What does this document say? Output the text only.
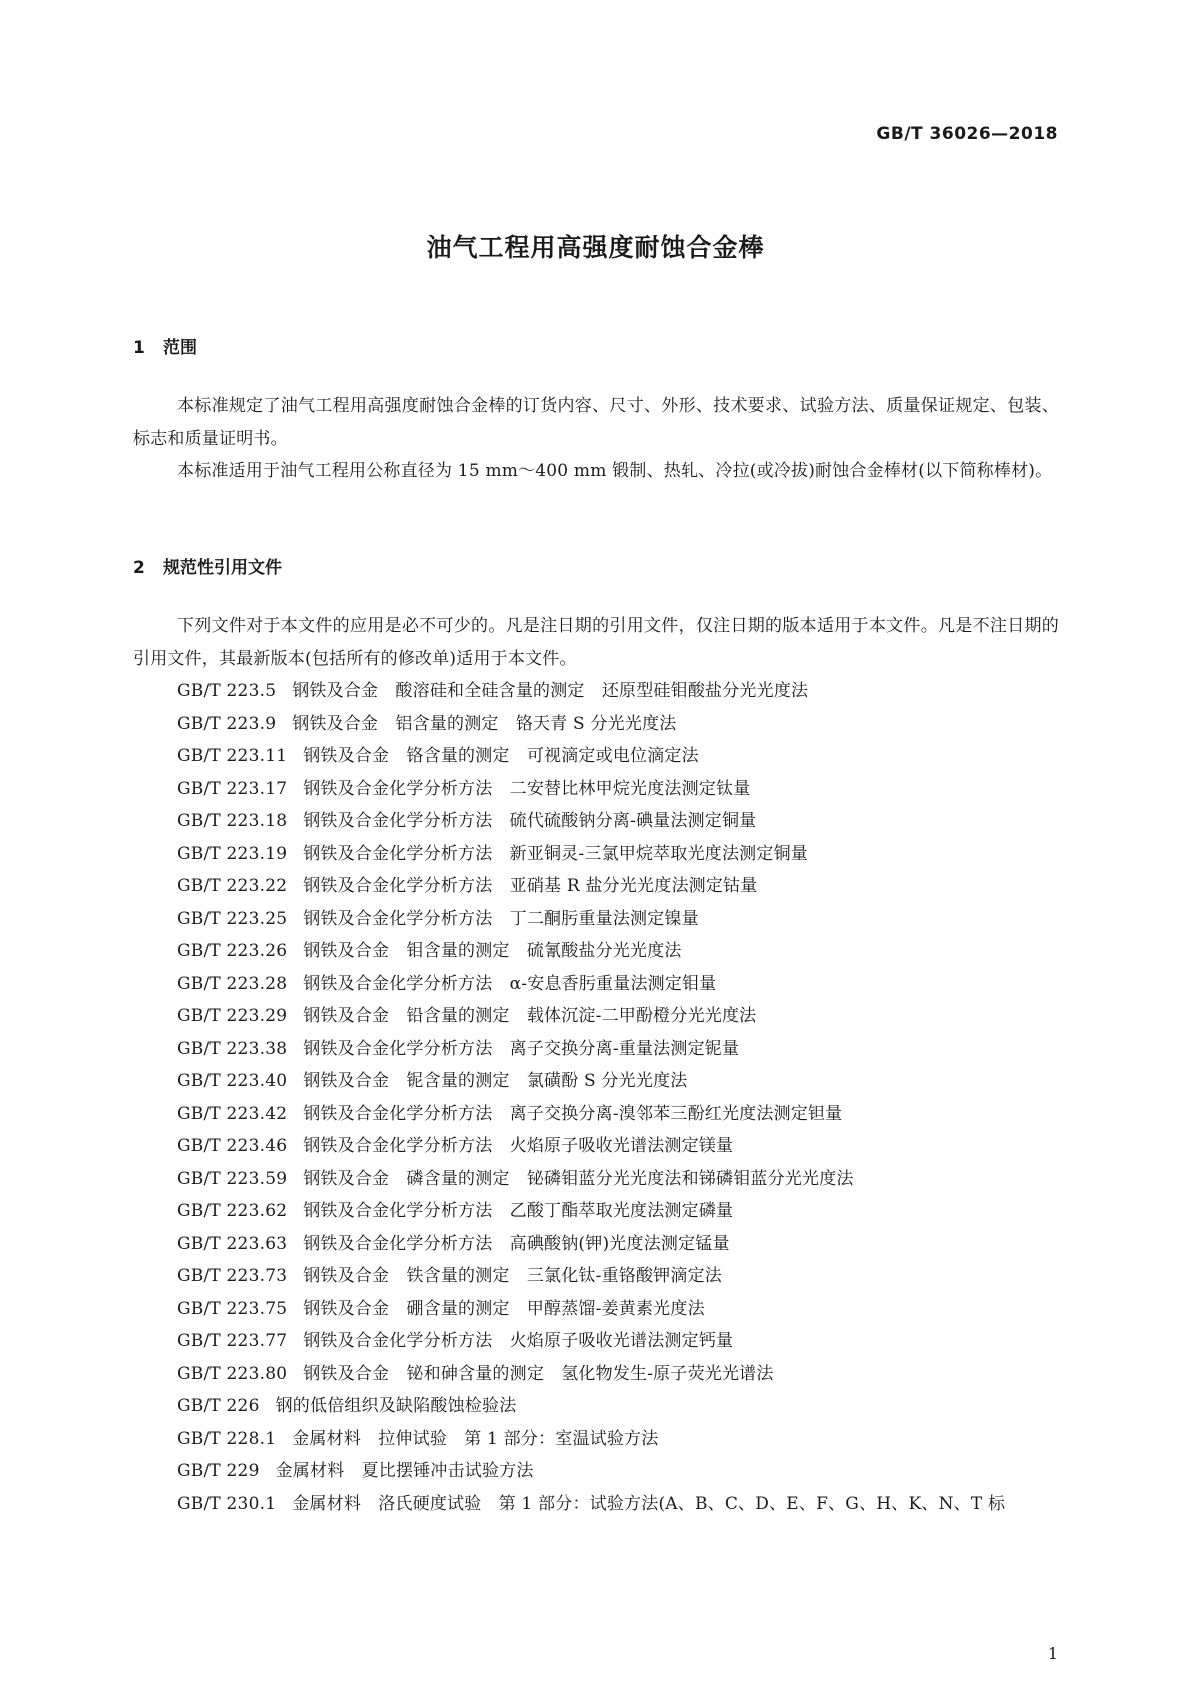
GB/T 36026—2018
油气工程用高强度耐蚀合金棒
1 范围

本标准规定了油气工程用高强度耐蚀合金棒的订货内容、尺寸、外形、技术要求、试验方法、质量保证规定、包装、标志和质量证明书。

本标准适用于油气工程用公称直径为 15 mm～400 mm 锻制、热轧、冷拉(或冷拔)耐蚀合金棒材(以下简称棒材)。

2 规范性引用文件

下列文件对于本文件的应用是必不可少的。凡是注日期的引用文件，仅注日期的版本适用于本文件。凡是不注日期的引用文件，其最新版本(包括所有的修改单)适用于本文件。

GB/T 223.5 钢铁及合金　酸溶硅和全硅含量的测定　还原型硅钼酸盐分光光度法
GB/T 223.9 钢铁及合金　铝含量的测定　铬天青 S 分光光度法
GB/T 223.11 钢铁及合金　铬含量的测定　可视滴定或电位滴定法
GB/T 223.17 钢铁及合金化学分析方法　二安替比林甲烷光度法测定钛量
GB/T 223.18 钢铁及合金化学分析方法　硫代硫酸钠分离-碘量法测定铜量
GB/T 223.19 钢铁及合金化学分析方法　新亚铜灵-三氯甲烷萃取光度法测定铜量
GB/T 223.22 钢铁及合金化学分析方法　亚硝基 R 盐分光光度法测定钴量
GB/T 223.25 钢铁及合金化学分析方法　丁二酮肟重量法测定镍量
GB/T 223.26 钢铁及合金　钼含量的测定　硫氰酸盐分光光度法
GB/T 223.28 钢铁及合金化学分析方法　α-安息香肟重量法测定钼量
GB/T 223.29 钢铁及合金　铅含量的测定　载体沉淀-二甲酚橙分光光度法
GB/T 223.38 钢铁及合金化学分析方法　离子交换分离-重量法测定铌量
GB/T 223.40 钢铁及合金　铌含量的测定　氯磺酚 S 分光光度法
GB/T 223.42 钢铁及合金化学分析方法　离子交换分离-溴邻苯三酚红光度法测定钽量
GB/T 223.46 钢铁及合金化学分析方法　火焰原子吸收光谱法测定镁量
GB/T 223.59 钢铁及合金　磷含量的测定　铋磷钼蓝分光光度法和锑磷钼蓝分光光度法
GB/T 223.62 钢铁及合金化学分析方法　乙酸丁酯萃取光度法测定磷量
GB/T 223.63 钢铁及合金化学分析方法　高碘酸钠(钾)光度法测定锰量
GB/T 223.73 钢铁及合金　铁含量的测定　三氯化钛-重铬酸钾滴定法
GB/T 223.75 钢铁及合金　硼含量的测定　甲醇蒸馏-姜黄素光度法
GB/T 223.77 钢铁及合金化学分析方法　火焰原子吸收光谱法测定钙量
GB/T 223.80 钢铁及合金　铋和砷含量的测定　氢化物发生-原子荧光光谱法
GB/T 226 钢的低倍组织及缺陷酸蚀检验法
GB/T 228.1 金属材料　拉伸试验　第 1 部分：室温试验方法
GB/T 229 金属材料　夏比摆锤冲击试验方法
GB/T 230.1 金属材料　洛氏硬度试验　第 1 部分：试验方法(A、B、C、D、E、F、G、H、K、N、T 标
1
